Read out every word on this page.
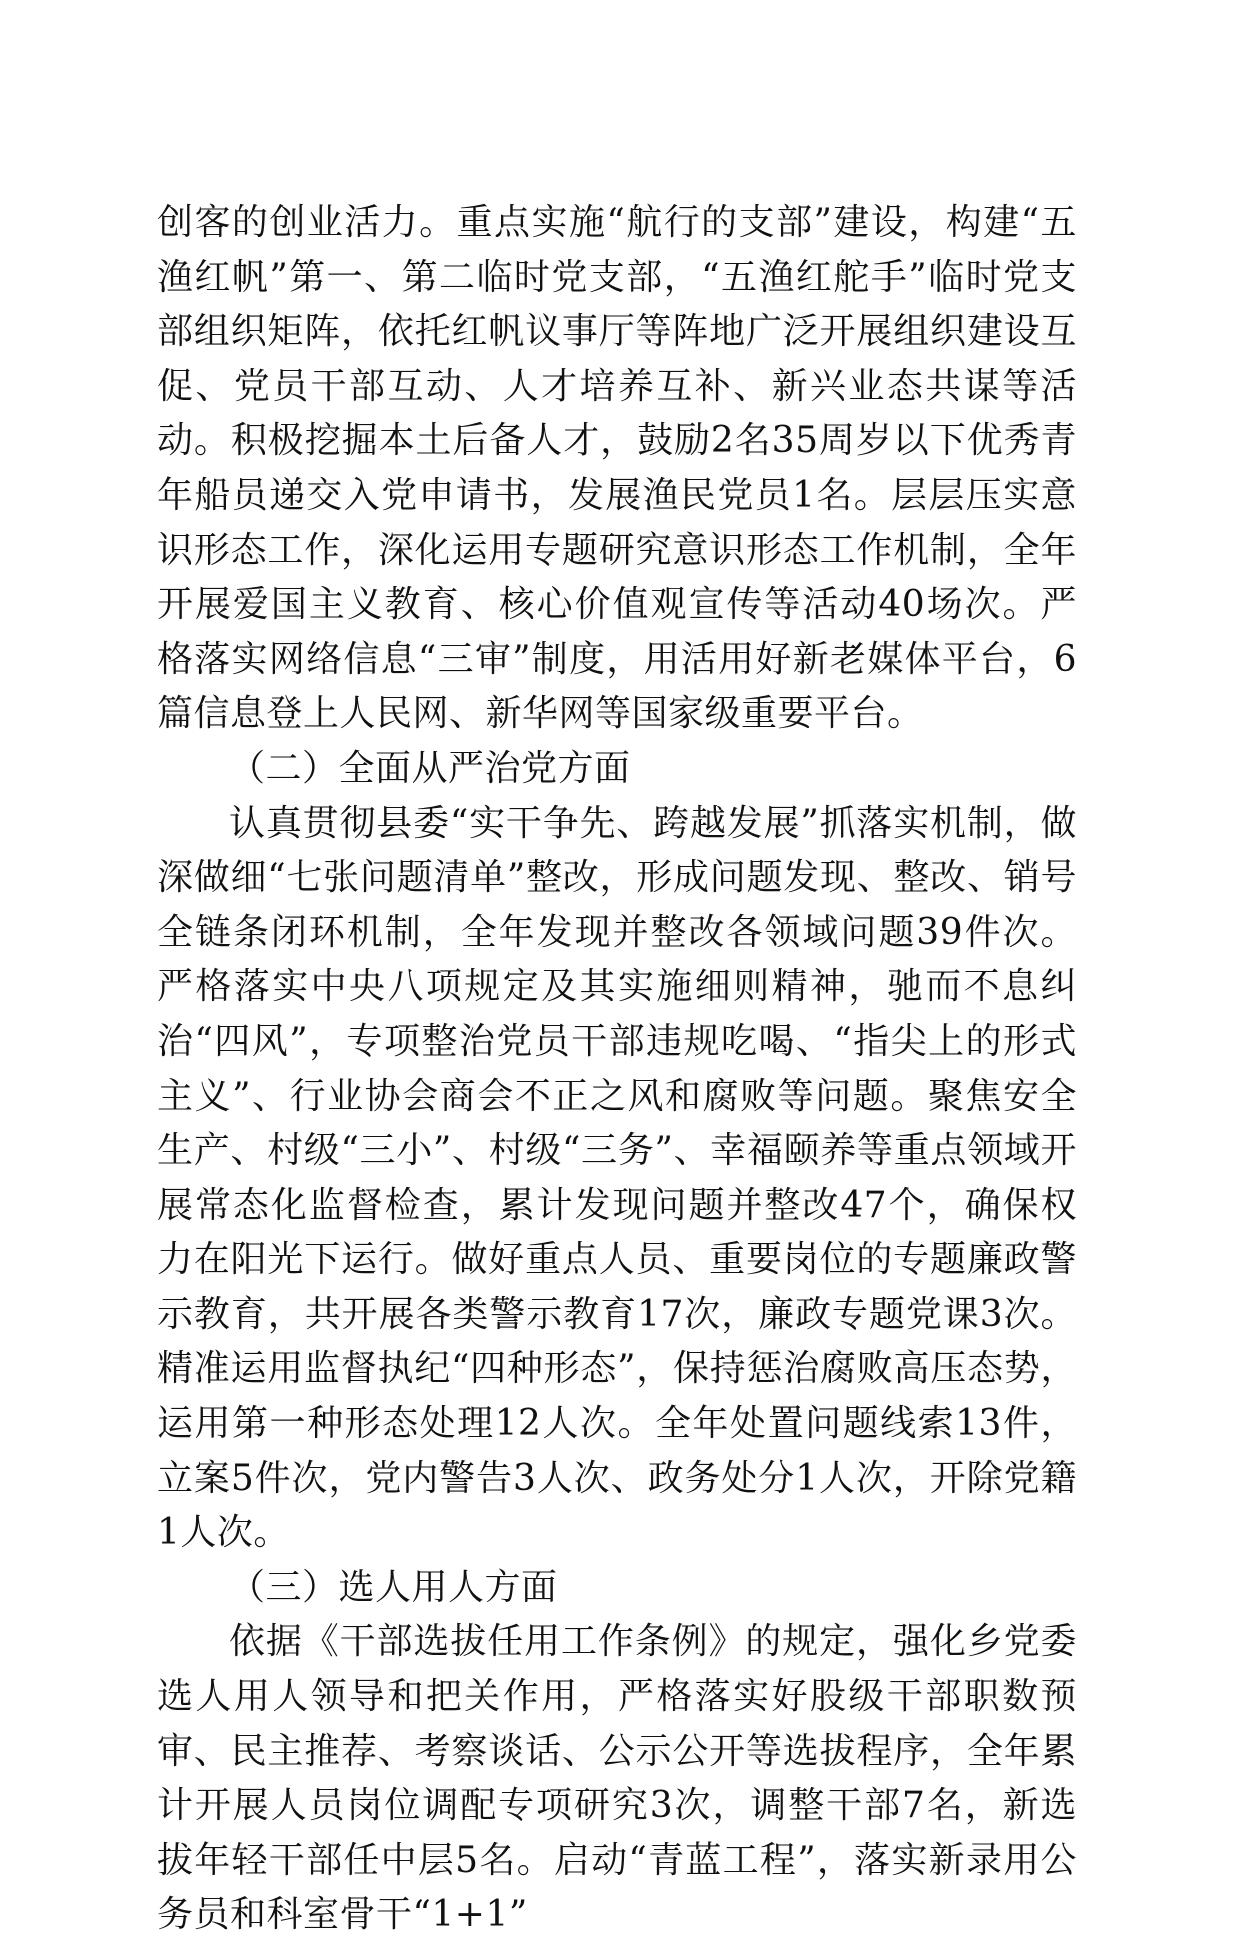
创客的创业活力。重点实施“航行的支部”建设，构建“五渔红帆”第一、第二临时党支部，“五渔红舵手”临时党支部组织矩阵，依托红帆议事厅等阵地广泛开展组织建设互促、党员干部互动、人才培养互补、新兴业态共谋等活动。积极挖掘本土后备人才，鼓励2名35周岁以下优秀青年船员递交入党申请书，发展渔民党员1名。层层压实意识形态工作，深化运用专题研究意识形态工作机制，全年开展爱国主义教育、核心价值观宣传等活动40场次。严格落实网络信息“三审”制度，用活用好新老媒体平台，6篇信息登上人民网、新华网等国家级重要平台。

（二）全面从严治党方面

认真贯彻县委“实干争先、跨越发展”抓落实机制，做深做细“七张问题清单”整改，形成问题发现、整改、销号全链条闭环机制，全年发现并整改各领域问题39件次。严格落实中央八项规定及其实施细则精神，驰而不息纠治“四风”，专项整治党员干部违规吃喝、“指尖上的形式主义”、行业协会商会不正之风和腐败等问题。聚焦安全生产、村级“三小”、村级“三务”、幸福颐养等重点领域开展常态化监督检查，累计发现问题并整改47个，确保权力在阳光下运行。做好重点人员、重要岗位的专题廉政警示教育，共开展各类警示教育17次，廉政专题党课3次。精准运用监督执纪“四种形态”，保持惩治腐败高压态势，运用第一种形态处理12人次。全年处置问题线索13件，立案5件次，党内警告3人次、政务处分1人次，开除党籍1人次。

（三）选人用人方面

依据《干部选拔任用工作条例》的规定，强化乡党委选人用人领导和把关作用，严格落实好股级干部职数预审、民主推荐、考察谈话、公示公开等选拔程序，全年累计开展人员岗位调配专项研究3次，调整干部7名，新选拔年轻干部任中层5名。启动“青蓝工程”，落实新录用公务员和科室骨干“1+1”
